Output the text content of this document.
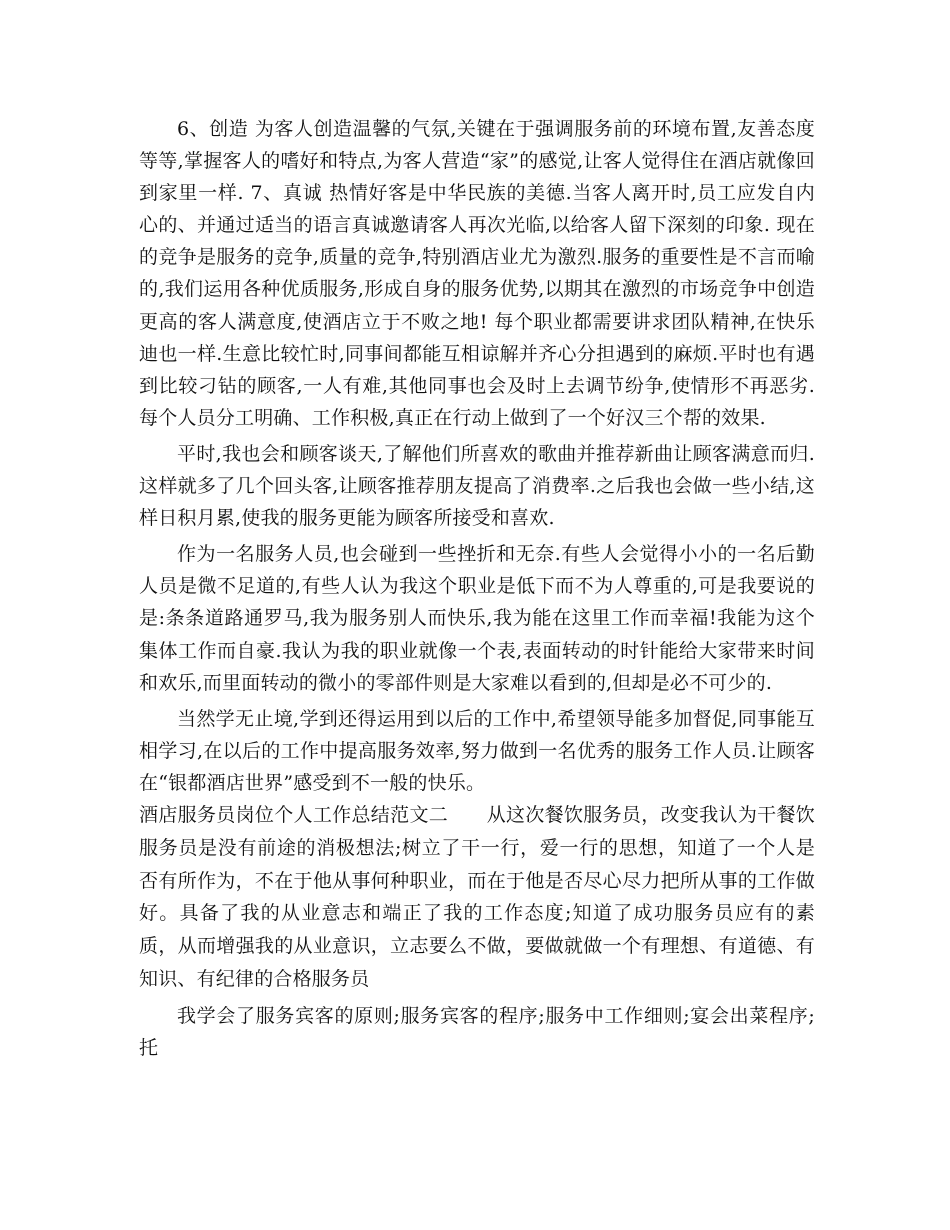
6、创造 为客人创造温馨的气氛,关键在于强调服务前的环境布置,友善态度等等,掌握客人的嗜好和特点,为客人营造“家”的感觉,让客人觉得住在酒店就像回到家里一样. 7、真诚 热情好客是中华民族的美德.当客人离开时,员工应发自内心的、并通过适当的语言真诚邀请客人再次光临,以给客人留下深刻的印象. 现在的竞争是服务的竞争,质量的竞争,特别酒店业尤为激烈.服务的重要性是不言而喻的,我们运用各种优质服务,形成自身的服务优势,以期其在激烈的市场竞争中创造更高的客人满意度,使酒店立于不败之地! 每个职业都需要讲求团队精神,在快乐迪也一样.生意比较忙时,同事间都能互相谅解并齐心分担遇到的麻烦.平时也有遇到比较刁钻的顾客,一人有难,其他同事也会及时上去调节纷争,使情形不再恶劣.每个人员分工明确、工作积极,真正在行动上做到了一个好汉三个帮的效果.

平时,我也会和顾客谈天,了解他们所喜欢的歌曲并推荐新曲让顾客满意而归.这样就多了几个回头客,让顾客推荐朋友提高了消费率.之后我也会做一些小结,这样日积月累,使我的服务更能为顾客所接受和喜欢.

作为一名服务人员,也会碰到一些挫折和无奈.有些人会觉得小小的一名后勤人员是微不足道的,有些人认为我这个职业是低下而不为人尊重的,可是我要说的是:条条道路通罗马,我为服务别人而快乐,我为能在这里工作而幸福!我能为这个集体工作而自豪.我认为我的职业就像一个表,表面转动的时针能给大家带来时间和欢乐,而里面转动的微小的零部件则是大家难以看到的,但却是必不可少的.

当然学无止境,学到还得运用到以后的工作中,希望领导能多加督促,同事能互相学习,在以后的工作中提高服务效率,努力做到一名优秀的服务工作人员.让顾客在“银都酒店世界”感受到不一般的快乐。

酒店服务员岗位个人工作总结范文二　　从这次餐饮服务员，改变我认为干餐饮服务员是没有前途的消极想法;树立了干一行，爱一行的思想，知道了一个人是否有所作为，不在于他从事何种职业，而在于他是否尽心尽力把所从事的工作做好。具备了我的从业意志和端正了我的工作态度;知道了成功服务员应有的素质，从而增强我的从业意识，立志要么不做，要做就做一个有理想、有道德、有知识、有纪律的合格服务员

我学会了服务宾客的原则;服务宾客的程序;服务中工作细则;宴会出菜程序;托
